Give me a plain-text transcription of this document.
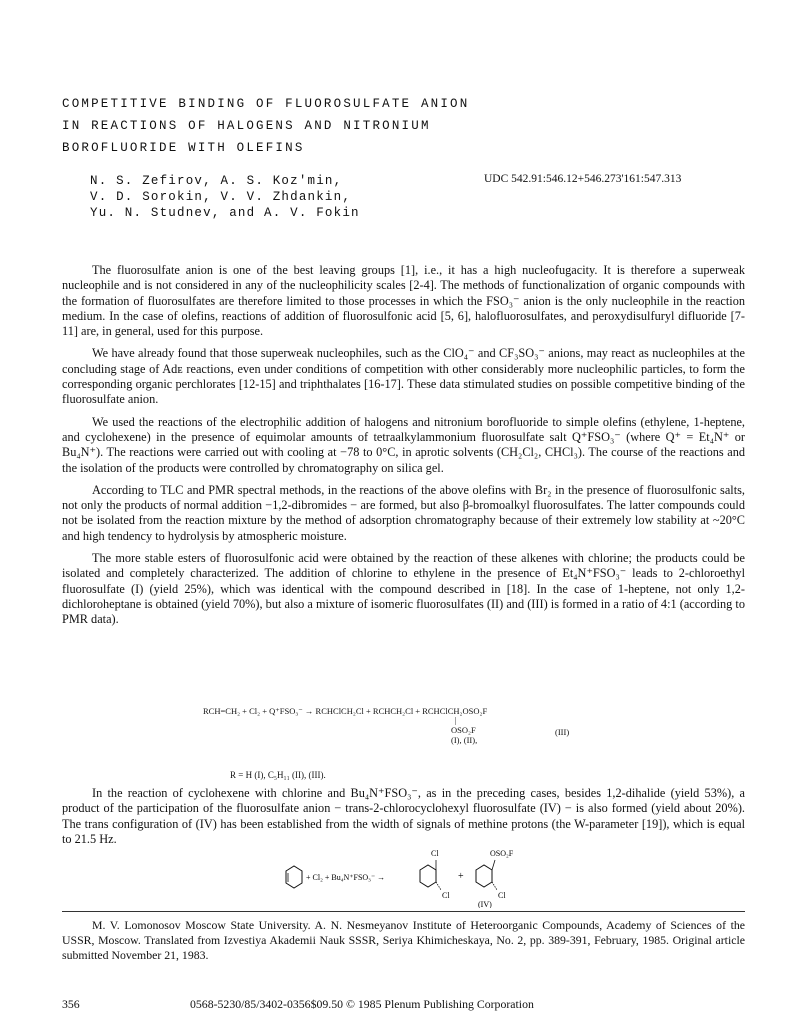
COMPETITIVE BINDING OF FLUOROSULFATE ANION
IN REACTIONS OF HALOGENS AND NITRONIUM
BOROFLUORIDE WITH OLEFINS
N. S. Zefirov, A. S. Koz'min,
V. D. Sorokin, V. V. Zhdankin,
Yu. N. Studnev, and A. V. Fokin
UDC 542.91:546.12+546.273'161:547.313

The fluorosulfate anion is one of the best leaving groups [1], i.e., it has a high nucleofugacity. It is therefore a superweak nucleophile and is not considered in any of the nucleophilicity scales [2-4]. The methods of functionalization of organic compounds with the formation of fluorosulfates are therefore limited to those processes in which the FSO₃⁻ anion is the only nucleophile in the reaction medium. In the case of olefins, reactions of addition of fluorosulfonic acid [5, 6], halofluorosulfates, and peroxydisulfuryl difluoride [7-11] are, in general, used for this purpose.

We have already found that those superweak nucleophiles, such as the ClO₄⁻ and CF₃SO₃⁻ anions, may react as nucleophiles at the concluding stage of Adᴇ reactions, even under conditions of competition with other considerably more nucleophilic particles, to form the corresponding organic perchlorates [12-15] and triphthalates [16-17]. These data stimulated studies on possible competitive binding of the fluorosulfate anion.

We used the reactions of the electrophilic addition of halogens and nitronium borofluoride to simple olefins (ethylene, 1-heptene, and cyclohexene) in the presence of equimolar amounts of tetraalkylammonium fluorosulfate salt Q⁺FSO₃⁻ (where Q⁺ = Et₄N⁺ or Bu₄N⁺). The reactions were carried out with cooling at −78 to 0°C, in aprotic solvents (CH₂Cl₂, CHCl₃). The course of the reactions and the isolation of the products were controlled by chromatography on silica gel.

According to TLC and PMR spectral methods, in the reactions of the above olefins with Br₂ in the presence of fluorosulfonic salts, not only the products of normal addition −1,2-dibromides − are formed, but also β-bromoalkyl fluorosulfates. The latter compounds could not be isolated from the reaction mixture by the method of adsorption chromatography because of their extremely low stability at ~20°C and high tendency to hydrolysis by atmospheric moisture.

The more stable esters of fluorosulfonic acid were obtained by the reaction of these alkenes with chlorine; the products could be isolated and completely characterized. The addition of chlorine to ethylene in the presence of Et₄N⁺FSO₃⁻ leads to 2-chloroethyl fluorosulfate (I) (yield 25%), which was identical with the compound described in [18]. In the case of 1-heptene, not only 1,2-dichloroheptane is obtained (yield 70%), but also a mixture of isomeric fluorosulfates (II) and (III) is formed in a ratio of 4:1 (according to PMR data).

RCH=CH₂ + Cl₂ + Q⁺FSO₃⁻ → RCHClCH₂Cl + RCHCH₂Cl + RCHClCH₂OSO₂F
|
OSO₂F
(I), (II),
(III)
R = H (I), C₅H₁₁ (II), (III).

In the reaction of cyclohexene with chlorine and Bu₄N⁺FSO₃⁻, as in the preceding cases, besides 1,2-dihalide (yield 53%), a product of the participation of the fluorosulfate anion − trans-2-chlorocyclohexyl fluorosulfate (IV) − is also formed (yield about 20%). The trans configuration of (IV) has been established from the width of signals of methine protons (the W-parameter [19]), which is equal to 21.5 Hz.

+ Cl₂ + Bu₄N⁺FSO₃⁻ →
Cl
Cl
+
OSO₂F
Cl
(IV)
M. V. Lomonosov Moscow State University. A. N. Nesmeyanov Institute of Heteroorganic Compounds, Academy of Sciences of the USSR, Moscow. Translated from Izvestiya Akademii Nauk SSSR, Seriya Khimicheskaya, No. 2, pp. 389-391, February, 1985. Original article submitted November 21, 1983.
356	0568-5230/85/3402-0356$09.50 © 1985 Plenum Publishing Corporation
